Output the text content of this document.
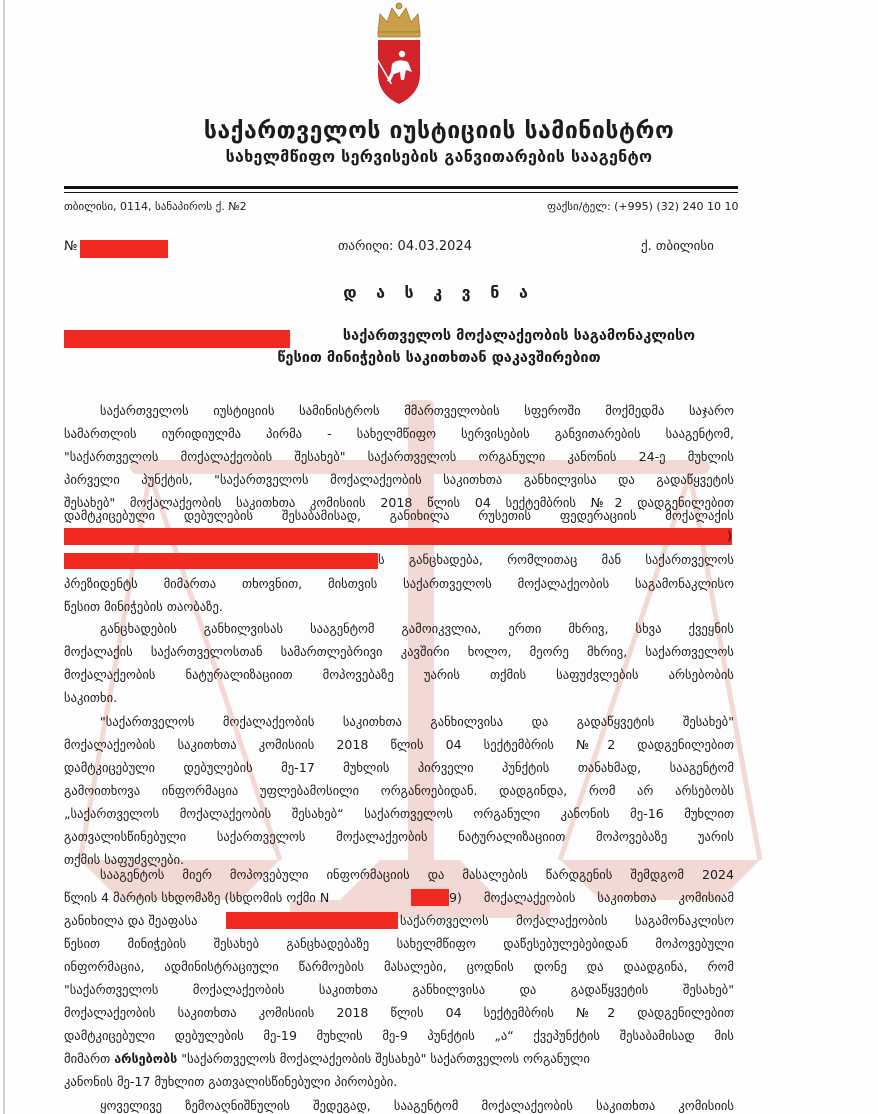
საქართველოს იუსტიციის სამინისტრო
სახელმწიფო სერვისების განვითარების სააგენტო
თბილისი, 0114, სანაპიროს ქ. №2	ფაქსი/ტელ: (+995) (32) 240 10 10
№	თარიღი: 04.03.2024	ქ. თბილისი
დ ა ს კ ვ ნ ა
საქართველოს მოქალაქეობის საგამონაკლისო
წესით მინიჭების საკითხთან დაკავშირებით
საქართველოს იუსტიციის სამინისტროს მმართველობის სფეროში მოქმედმა საჯარო
სამართლის იურიდიულმა პირმა - სახელმწიფო სერვისების განვითარების სააგენტომ,
"საქართველოს მოქალაქეობის შესახებ" საქართველოს ორგანული კანონის 24-ე მუხლის
პირველი პუნქტის, "საქართველოს მოქალაქეობის საკითხთა განხილვისა და გადაწყვეტის
შესახებ" მოქალაქეობის საკითხთა კომისიის 2018 წლის 04 სექტემბრის №2 დადგენილებით
დამტკიცებული დებულების შესაბამისად, განიხილა რუსეთის ფედერაციის მოქალაქის
)
ს განცხადება, რომლითაც მან საქართველოს
პრეზიდენტს მიმართა თხოვნით, მისთვის საქართველოს მოქალაქეობის საგამონაკლისო
წესით მინიჭების თაობაზე.
განცხადების განხილვისას სააგენტომ გამოიკვლია, ერთი მხრივ, სხვა ქვეყნის
მოქალაქის საქართველოსთან სამართლებრივი კავშირი ხოლო, მეორე მხრივ, საქართველოს
მოქალაქეობის ნატურალიზაციით მოპოვებაზე უარის თქმის საფუძვლების არსებობის
საკითხი.
"საქართველოს მოქალაქეობის საკითხთა განხილვისა და გადაწყვეტის შესახებ"
მოქალაქეობის საკითხთა კომისიის 2018 წლის 04 სექტემბრის №2 დადგენილებით
დამტკიცებული დებულების მე-17 მუხლის პირველი პუნქტის თანახმად, სააგენტომ
გამოითხოვა ინფორმაცია უფლებამოსილი ორგანოებიდან. დადგინდა, რომ არ არსებობს
„საქართველოს მოქალაქეობის შესახებ“ საქართველოს ორგანული კანონის მე-16 მუხლით
გათვალისწინებული საქართველოს მოქალაქეობის ნატურალიზაციით მოპოვებაზე უარის
თქმის საფუძვლები.
სააგენტოს მიერ მოპოვებული ინფორმაციის და მასალების წარდგენის შემდგომ 2024
წლის 4 მარტის სხდომაზე (სხდომის ოქმი N	9) მოქალაქეობის საკითხთა კომისიამ
განიხილა და შეაფასა	საქართველოს მოქალაქეობის საგამონაკლისო
წესით მინიჭების შესახებ განცხადებაზე სახელმწიფო დაწესებულებებიდან მოპოვებული
ინფორმაცია, ადმინისტრაციული წარმოების მასალები, ცოდნის დონე და დაადგინა, რომ
"საქართველოს მოქალაქეობის საკითხთა განხილვისა და გადაწყვეტის შესახებ"
მოქალაქეობის საკითხთა კომისიის 2018 წლის 04 სექტემბრის №2 დადგენილებით
დამტკიცებული დებულების მე-19 მუხლის მე-9 პუნქტის „ა“ ქვეპუნქტის შესაბამისად მის
მიმართ არსებობს "საქართველოს მოქალაქეობის შესახებ" საქართველოს ორგანული
კანონის მე-17 მუხლით გათვალისწინებული პირობები.
ყოველივე ზემოაღნიშნულის შედეგად, სააგენტომ მოქალაქეობის საკითხთა კომისიის
